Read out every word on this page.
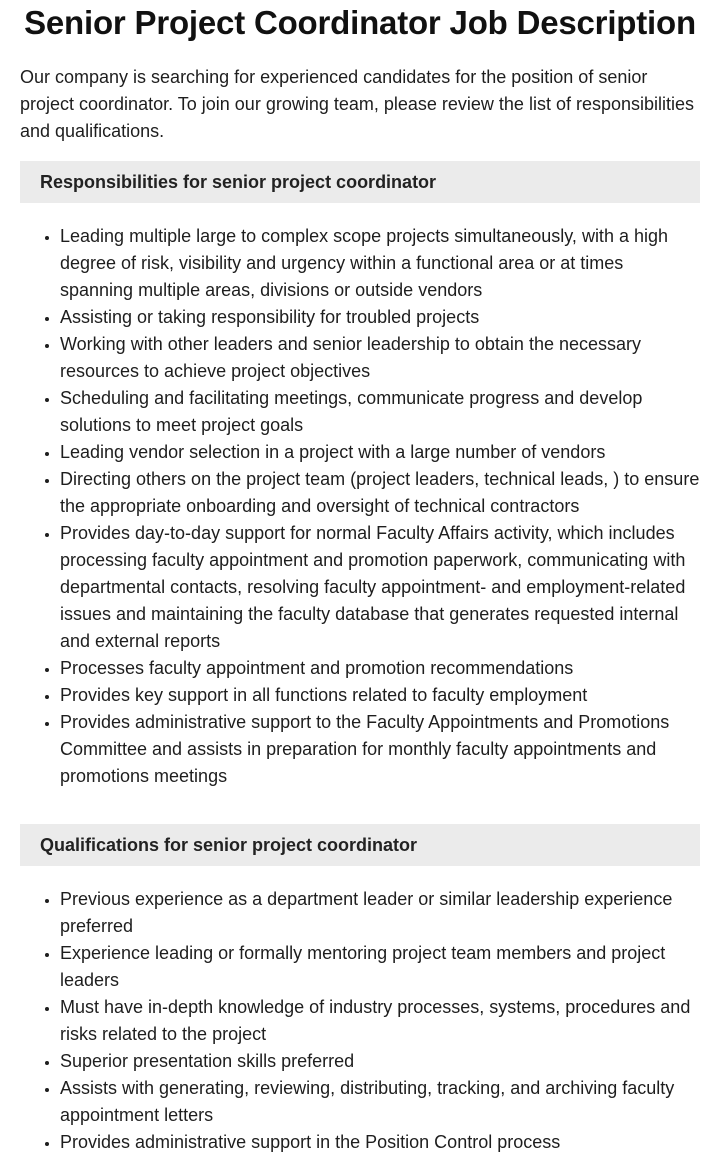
Senior Project Coordinator Job Description

Our company is searching for experienced candidates for the position of senior project coordinator. To join our growing team, please review the list of responsibilities and qualifications.

Responsibilities for senior project coordinator
• Leading multiple large to complex scope projects simultaneously, with a high degree of risk, visibility and urgency within a functional area or at times spanning multiple areas, divisions or outside vendors
• Assisting or taking responsibility for troubled projects
• Working with other leaders and senior leadership to obtain the necessary resources to achieve project objectives
• Scheduling and facilitating meetings, communicate progress and develop solutions to meet project goals
• Leading vendor selection in a project with a large number of vendors
• Directing others on the project team (project leaders, technical leads, ) to ensure the appropriate onboarding and oversight of technical contractors
• Provides day-to-day support for normal Faculty Affairs activity, which includes processing faculty appointment and promotion paperwork, communicating with departmental contacts, resolving faculty appointment- and employment-related issues and maintaining the faculty database that generates requested internal and external reports
• Processes faculty appointment and promotion recommendations
• Provides key support in all functions related to faculty employment
• Provides administrative support to the Faculty Appointments and Promotions Committee and assists in preparation for monthly faculty appointments and promotions meetings
Qualifications for senior project coordinator
• Previous experience as a department leader or similar leadership experience preferred
• Experience leading or formally mentoring project team members and project leaders
• Must have in-depth knowledge of industry processes, systems, procedures and risks related to the project
• Superior presentation skills preferred
• Assists with generating, reviewing, distributing, tracking, and archiving faculty appointment letters
• Provides administrative support in the Position Control process
